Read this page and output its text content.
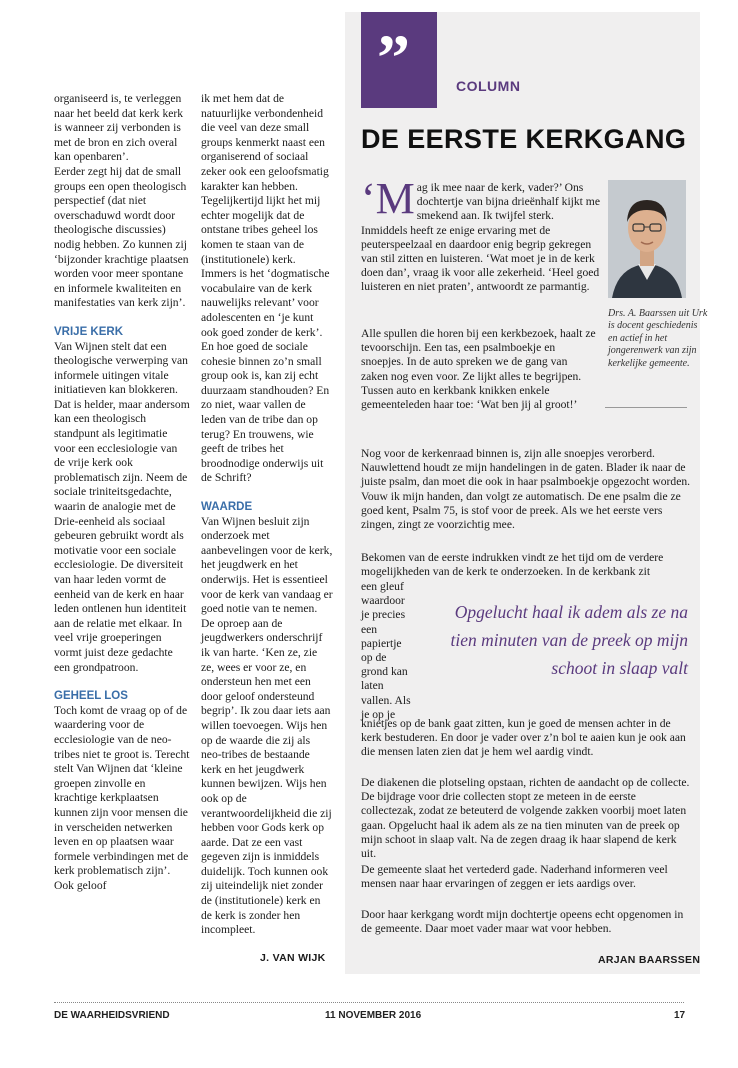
organiseerd is, te verleggen naar het beeld dat kerk kerk is wanneer zij verbonden is met de bron en zich overal kan openbaren’.

Eerder zegt hij dat de small groups een open theologisch perspectief (dat niet overschaduwd wordt door theologische discussies) nodig hebben. Zo kunnen zij ‘bijzonder krachtige plaatsen worden voor meer spontane en informele kwaliteiten en manifestaties van kerk zijn’.

VRIJE KERK

Van Wijnen stelt dat een theologische verwerping van informele uitingen vitale initiatieven kan blokkeren. Dat is helder, maar andersom kan een theologisch standpunt als legitimatie voor een ecclesiologie van de vrije kerk ook problematisch zijn. Neem de sociale triniteitsgedachte, waarin de analogie met de Drie-eenheid als sociaal gebeuren gebruikt wordt als motivatie voor een sociale ecclesiologie. De diversiteit van haar leden vormt de eenheid van de kerk en haar leden ontlenen hun identiteit aan de relatie met elkaar. In veel vrije groeperingen vormt juist deze gedachte een grondpatroon.

GEHEEL LOS

Toch komt de vraag op of de waardering voor de ecclesiologie van de neo-tribes niet te groot is. Terecht stelt Van Wijnen dat ‘kleine groepen zinvolle en krachtige kerkplaatsen kunnen zijn voor mensen die in verscheiden netwerken leven en op plaatsen waar formele verbindingen met de kerk problematisch zijn’. Ook geloof

ik met hem dat de natuurlijke verbondenheid die veel van deze small groups kenmerkt naast een organiserend of sociaal zeker ook een geloofsmatig karakter kan hebben. Tegelijkertijd lijkt het mij echter mogelijk dat de ontstane tribes geheel los komen te staan van de (institutionele) kerk. Immers is het ‘dogmatische vocabulaire van de kerk nauwelijks relevant’ voor adolescenten en ‘je kunt ook goed zonder de kerk’. En hoe goed de sociale cohesie binnen zo’n small group ook is, kan zij echt duurzaam standhouden? En zo niet, waar vallen de leden van de tribe dan op terug? En trouwens, wie geeft de tribes het broodnodige onderwijs uit de Schrift?

WAARDE

Van Wijnen besluit zijn onderzoek met aanbevelingen voor de kerk, het jeugdwerk en het onderwijs. Het is essentieel voor de kerk van vandaag er goed notie van te nemen. De oproep aan de jeugdwerkers onderschrijf ik van harte. ‘Ken ze, zie ze, wees er voor ze, en ondersteun hen met een door geloof ondersteund begrip’. Ik zou daar iets aan willen toevoegen. Wijs hen op de waarde die zij als neo-tribes de bestaande kerk en het jeugdwerk kunnen bewijzen. Wijs hen ook op de verantwoordelijkheid die zij hebben voor Gods kerk op aarde. Dat ze een vast gegeven zijn is inmiddels duidelijk. Toch kunnen ook zij uiteindelijk niet zonder de (institutionele) kerk en de kerk is zonder hen incompleet.

J. VAN WIJK
”	COLUMN
DE EERSTE KERKGANG
‘Mag ik mee naar de kerk, vader?’ Ons dochtertje van bijna drieënhalf kijkt me smekend aan. Ik twijfel sterk. Inmiddels heeft ze enige ervaring met de peuterspeelzaal en daardoor enig begrip gekregen van stil zitten en luisteren. ‘Wat moet je in de kerk doen dan’, vraag ik voor alle zekerheid. ‘Heel goed luisteren en niet praten’, antwoordt ze parmantig.
Drs. A. Baarssen uit Urk is docent geschiedenis en actief in het jongerenwerk van zijn kerkelijke gemeente.
Alle spullen die horen bij een kerkbezoek, haalt ze tevoorschijn. Een tas, een psalmboekje en snoepjes. In de auto spreken we de gang van zaken nog even voor. Ze lijkt alles te begrijpen. Tussen auto en kerkbank knikken enkele gemeenteleden haar toe: ‘Wat ben jij al groot!’
Nog voor de kerkenraad binnen is, zijn alle snoepjes verorberd. Nauwlettend houdt ze mijn handelingen in de gaten. Blader ik naar de juiste psalm, dan moet die ook in haar psalmboekje opgezocht worden. Vouw ik mijn handen, dan volgt ze automatisch. De ene psalm die ze goed kent, Psalm 75, is stof voor de preek. Als we het eerste vers zingen, zingt ze voorzichtig mee.
Bekomen van de eerste indrukken vindt ze het tijd om de verdere mogelijkheden van de kerk te onderzoeken. In de kerkbank zit
een gleuf waardoor je precies een papiertje op de grond kan laten vallen. Als je op je
Opgelucht haal ik adem als ze na tien minuten van de preek op mijn schoot in slaap valt
knietjes op de bank gaat zitten, kun je goed de mensen achter in de kerk bestuderen. En door je vader over z’n bol te aaien kun je ook aan die mensen laten zien dat je hem wel aardig vindt.
De diakenen die plotseling opstaan, richten de aandacht op de collecte. De bijdrage voor drie collecten stopt ze meteen in de eerste collectezak, zodat ze beteuterd de volgende zakken voorbij moet laten gaan. Opgelucht haal ik adem als ze na tien minuten van de preek op mijn schoot in slaap valt. Na de zegen draag ik haar slapend de kerk uit.
De gemeente slaat het vertederd gade. Naderhand informeren veel mensen naar haar ervaringen of zeggen er iets aardigs over.
Door haar kerkgang wordt mijn dochtertje opeens echt opgenomen in de gemeente. Daar moet vader maar wat voor hebben.
ARJAN BAARSSEN
DE WAARHEIDSVRIEND	11 NOVEMBER 2016	17
